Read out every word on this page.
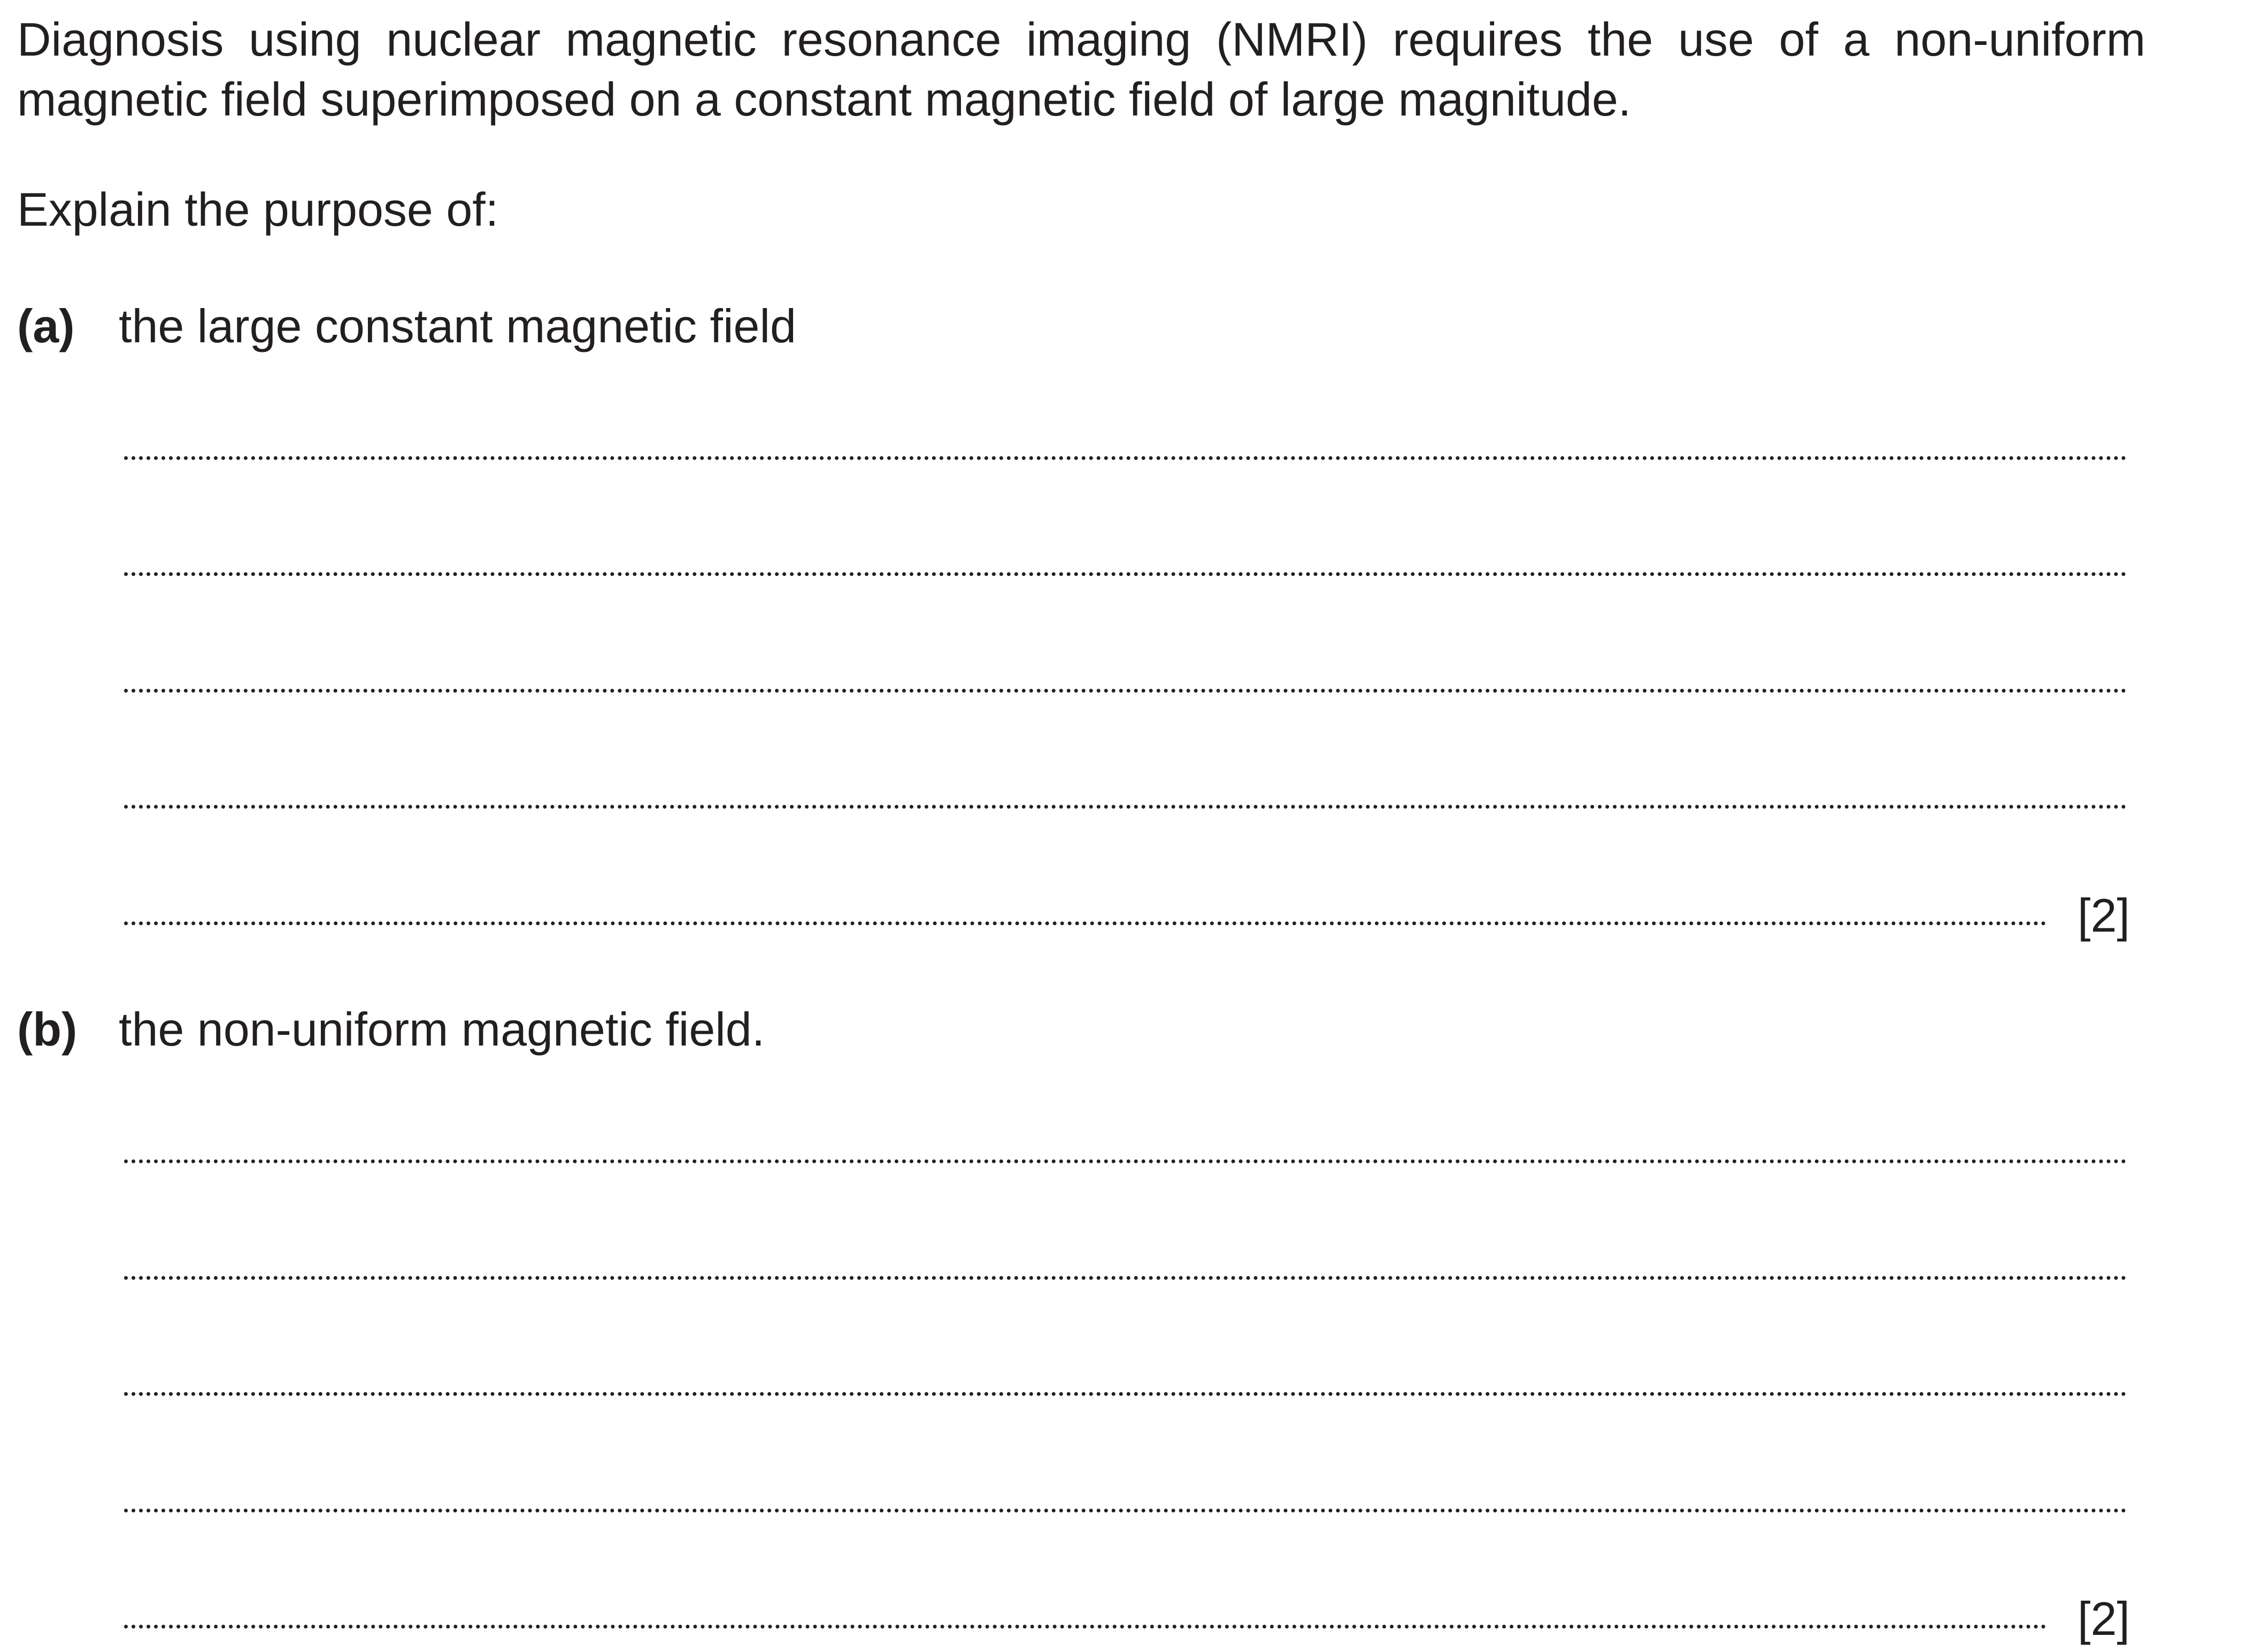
Diagnosis using nuclear magnetic resonance imaging (NMRI) requires the use of a non-uniform magnetic field superimposed on a constant magnetic field of large magnitude.
Explain the purpose of:
(a) the large constant magnetic field
[2]
(b) the non-uniform magnetic field.
[2]
